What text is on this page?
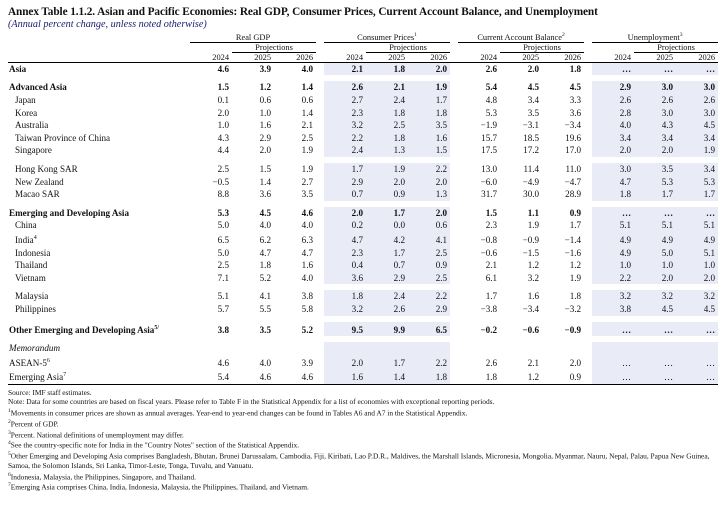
Annex Table 1.1.2. Asian and Pacific Economies: Real GDP, Consumer Prices, Current Account Balance, and Unemployment
(Annual percent change, unless noted otherwise)
	Real GDP				Consumer Prices$^1$				Current Account Balance$^2$				Unemployment$^3$
		Projections				Projections				Projections				Projections	
	2024	2025	2026		2024	2025	2026		2024	2025	2026		2024	2025	2026
Asia	4.6	3.9	4.0		2.1	1.8	2.0		2.6	2.0	1.8		…	…	…

Advanced Asia	1.5	1.2	1.4		2.6	2.1	1.9		5.4	4.5	4.5		2.9	3.0	3.0
Japan	0.1	0.6	0.6		2.7	2.4	1.7		4.8	3.4	3.3		2.6	2.6	2.6
Korea	2.0	1.0	1.4		2.3	1.8	1.8		5.3	3.5	3.6		2.8	3.0	3.0
Australia	1.0	1.6	2.1		3.2	2.5	3.5		−1.9	−3.1	−3.4		4.0	4.3	4.5
Taiwan Province of China	4.3	2.9	2.5		2.2	1.8	1.6		15.7	18.5	19.6		3.4	3.4	3.4
Singapore	4.4	2.0	1.9		2.4	1.3	1.5		17.5	17.2	17.0		2.0	2.0	1.9

Hong Kong SAR	2.5	1.5	1.9		1.7	1.9	2.2		13.0	11.4	11.0		3.0	3.5	3.4
New Zealand	−0.5	1.4	2.7		2.9	2.0	2.0		−6.0	−4.9	−4.7		4.7	5.3	5.3
Macao SAR	8.8	3.6	3.5		0.7	0.9	1.3		31.7	30.0	28.9		1.8	1.7	1.7

Emerging and Developing Asia	5.3	4.5	4.6		2.0	1.7	2.0		1.5	1.1	0.9		…	…	…
China	5.0	4.0	4.0		0.2	0.0	0.6		2.3	1.9	1.7		5.1	5.1	5.1
India$^4$	6.5	6.2	6.3		4.7	4.2	4.1		−0.8	−0.9	−1.4		4.9	4.9	4.9
Indonesia	5.0	4.7	4.7		2.3	1.7	2.5		−0.6	−1.5	−1.6		4.9	5.0	5.1
Thailand	2.5	1.8	1.6		0.4	0.7	0.9		2.1	1.2	1.2		1.0	1.0	1.0
Vietnam	7.1	5.2	4.0		3.6	2.9	2.5		6.1	3.2	1.9		2.2	2.0	2.0

Malaysia	5.1	4.1	3.8		1.8	2.4	2.2		1.7	1.6	1.8		3.2	3.2	3.2
Philippines	5.7	5.5	5.8		3.2	2.6	2.9		−3.8	−3.4	−3.2		3.8	4.5	4.5

Other Emerging and Developing Asia$^{5/}$	3.8	3.5	5.2		9.5	9.9	6.5		−0.2	−0.6	−0.9		…	…	…

Memorandum															
ASEAN-$5^6$	4.6	4.0	3.9		2.0	1.7	2.2		2.6	2.1	2.0		…	…	…
Emerging Asia$^7$	5.4	4.6	4.6		1.6	1.4	1.8		1.8	1.2	0.9		…	…	…

Source: IMF staff estimates.
Note: Data for some countries are based on fiscal years. Please refer to Table F in the Statistical Appendix for a list of economies with exceptional reporting periods.
$^1$Movements in consumer prices are shown as annual averages. Year-end to year-end changes can be found in Tables A6 and A7 in the Statistical Appendix.
$^2$Percent of GDP.
$^3$Percent. National definitions of unemployment may differ.
$^4$See the country-specific note for India in the "Country Notes" section of the Statistical Appendix.
$^5$Other Emerging and Developing Asia comprises Bangladesh, Bhutan, Brunei Darussalam, Cambodia, Fiji, Kiribati, Lao P.D.R., Maldives, the Marshall Islands, Micronesia, Mongolia, Myanmar, Nauru, Nepal, Palau, Papua New Guinea, Samoa, the Solomon Islands, Sri Lanka, Timor-Leste, Tonga, Tuvalu, and Vanuatu.
$^6$Indonesia, Malaysia, the Philippines, Singapore, and Thailand.
$^7$Emerging Asia comprises China, India, Indonesia, Malaysia, the Philippines, Thailand, and Vietnam.
